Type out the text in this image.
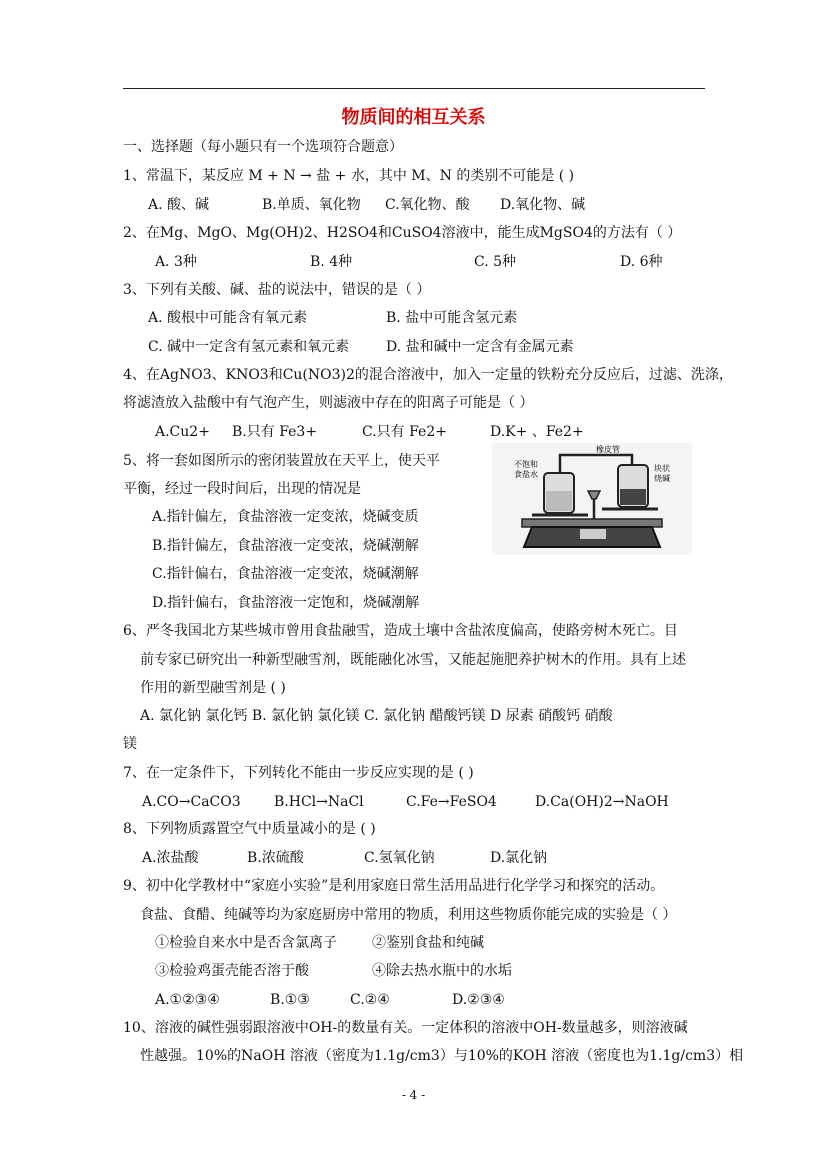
物质间的相互关系
一、选择题（每小题只有一个选项符合题意）
1、常温下，某反应 M + N → 盐 + 水，其中 M、N 的类别不可能是 ( )
A. 酸、碱	B.单质、氧化物 C.氧化物、酸 D.氧化物、碱
2、在Mg、MgO、Mg(OH)2、H2SO4和CuSO4溶液中，能生成MgSO4的方法有（ ）
A. 3种	B. 4种	C. 5种	D. 6种
3、下列有关酸、碱、盐的说法中，错误的是（ ）
A. 酸根中可能含有氧元素	B. 盐中可能含氢元素
C. 碱中一定含有氢元素和氧元素	D. 盐和碱中一定含有金属元素
4、在AgNO3、KNO3和Cu(NO3)2的混合溶液中，加入一定量的铁粉充分反应后，过滤、洗涤，
将滤渣放入盐酸中有气泡产生，则滤液中存在的阳离子可能是（ ）
A.Cu2+ B.只有 Fe3+	C.只有 Fe2+	D.K+ 、Fe2+
5、将一套如图所示的密闭装置放在天平上，使天平
平衡，经过一段时间后，出现的情况是
A.指针偏左，食盐溶液一定变浓，烧碱变质
B.指针偏左，食盐溶液一定变浓，烧碱潮解
C.指针偏右，食盐溶液一定变浓，烧碱潮解
D.指针偏右，食盐溶液一定饱和，烧碱潮解
橡皮管
不饱和
食盐水
块状
烧碱
6、严冬我国北方某些城市曾用食盐融雪，造成土壤中含盐浓度偏高，使路旁树木死亡。目
前专家已研究出一种新型融雪剂，既能融化冰雪，又能起施肥养护树木的作用。具有上述
作用的新型融雪剂是 ( )
A. 氯化钠 氯化钙 B. 氯化钠 氯化镁 C. 氯化钠 醋酸钙镁 D 尿素 硝酸钙 硝酸
镁
7、在一定条件下，下列转化不能由一步反应实现的是 ( )
A.CO→CaCO3 B.HCl→NaCl	C.Fe→FeSO4	D.Ca(OH)2→NaOH
8、下列物质露置空气中质量减小的是 ( )
A.浓盐酸	B.浓硫酸	C.氢氧化钠	D.氯化钠
9、初中化学教材中“家庭小实验”是利用家庭日常生活用品进行化学学习和探究的活动。
食盐、食醋、纯碱等均为家庭厨房中常用的物质，利用这些物质你能完成的实验是（ ）
①检验自来水中是否含氯离子	②鉴别食盐和纯碱
③检验鸡蛋壳能否溶于酸	④除去热水瓶中的水垢
A.①②③④	B.①③	C.②④	D.②③④
10、溶液的碱性强弱跟溶液中OH-的数量有关。一定体积的溶液中OH-数量越多，则溶液碱
性越强。10%的NaOH 溶液（密度为1.1g/cm3）与10%的KOH 溶液（密度也为1.1g/cm3）相
- 4 -
